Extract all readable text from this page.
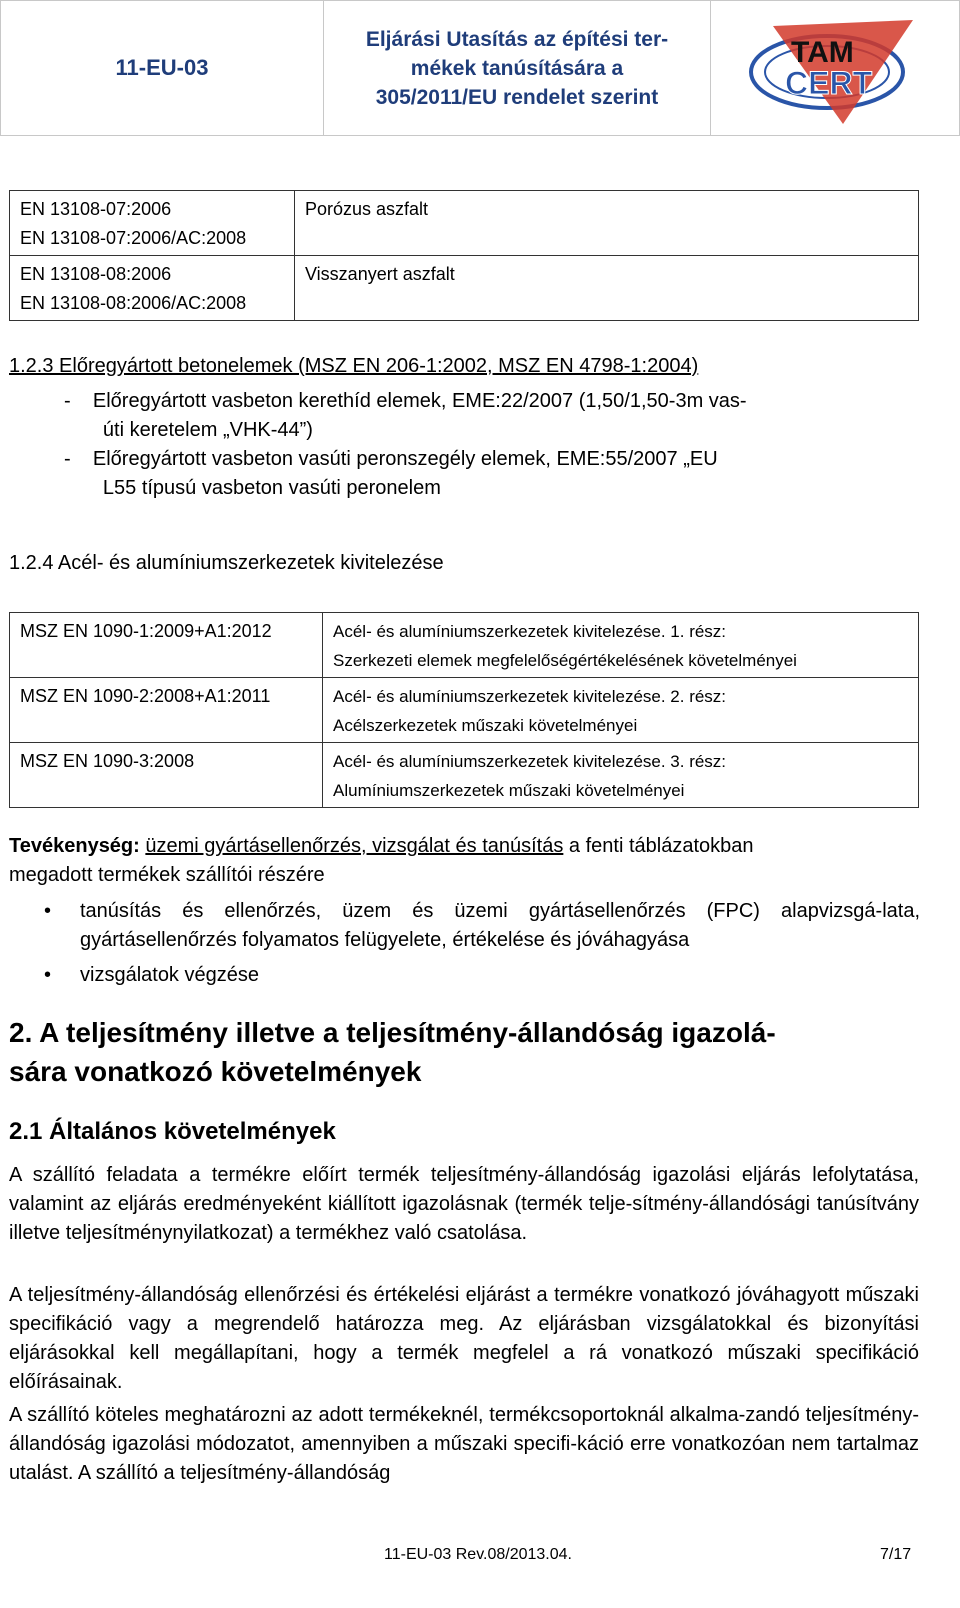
11-EU-03
Eljárási Utasítás az építési ter-
mékek tanúsítására a
305/2011/EU rendelet szerint
TAM
CERT
EN 13108-07:2006
EN 13108-07:2006/AC:2008	Porózus aszfalt

EN 13108-08:2006
EN 13108-08:2006/AC:2008	Visszanyert aszfalt
1.2.3 Előregyártott betonelemek (MSZ EN 206-1:2002, MSZ EN 4798-1:2004)
-    Előregyártott vasbeton kerethíd elemek, EME:22/2007 (1,50/1,50-3m vas-
úti keretelem „VHK-44”)
-    Előregyártott vasbeton vasúti peronszegély elemek, EME:55/2007 „EU
L55 típusú vasbeton vasúti peronelem
1.2.4 Acél- és alumíniumszerkezetek kivitelezése
MSZ EN 1090-1:2009+A1:2012	Acél- és alumíniumszerkezetek kivitelezése. 1. rész:
Szerkezeti elemek megfelelőségértékelésének követelményei

MSZ EN 1090-2:2008+A1:2011	Acél- és alumíniumszerkezetek kivitelezése. 2. rész:
Acélszerkezetek műszaki követelményei

MSZ EN 1090-3:2008	Acél- és alumíniumszerkezetek kivitelezése. 3. rész:
Alumíniumszerkezetek műszaki követelményei
Tevékenység: üzemi gyártásellenőrzés, vizsgálat és tanúsítás a fenti táblázatokban
megadott termékek szállítói részére
• tanúsítás és ellenőrzés, üzem és üzemi gyártásellenőrzés (FPC) alapvizsgá-lata, gyártásellenőrzés folyamatos felügyelete, értékelése és jóváhagyása
• vizsgálatok végzése
2. A teljesítmény illetve a teljesítmény-állandóság igazolá-
sára vonatkozó követelmények
2.1 Általános követelmények
A szállító feladata a termékre előírt termék teljesítmény-állandóság igazolási eljárás lefolytatása, valamint az eljárás eredményeként kiállított igazolásnak (termék telje-sítmény-állandósági tanúsítvány illetve teljesítménynyilatkozat) a termékhez való csatolása.
A teljesítmény-állandóság ellenőrzési és értékelési eljárást a termékre vonatkozó jóváhagyott műszaki specifikáció vagy a megrendelő határozza meg. Az eljárásban vizsgálatokkal és bizonyítási eljárásokkal kell megállapítani, hogy a termék megfelel a rá vonatkozó műszaki specifikáció előírásainak.
A szállító köteles meghatározni az adott termékeknél, termékcsoportoknál alkalma-zandó teljesítmény-állandóság igazolási módozatot, amennyiben a műszaki specifi-káció erre vonatkozóan nem tartalmaz utalást. A szállító a teljesítmény-állandóság
11-EU-03 Rev.08/2013.04.	7/17
